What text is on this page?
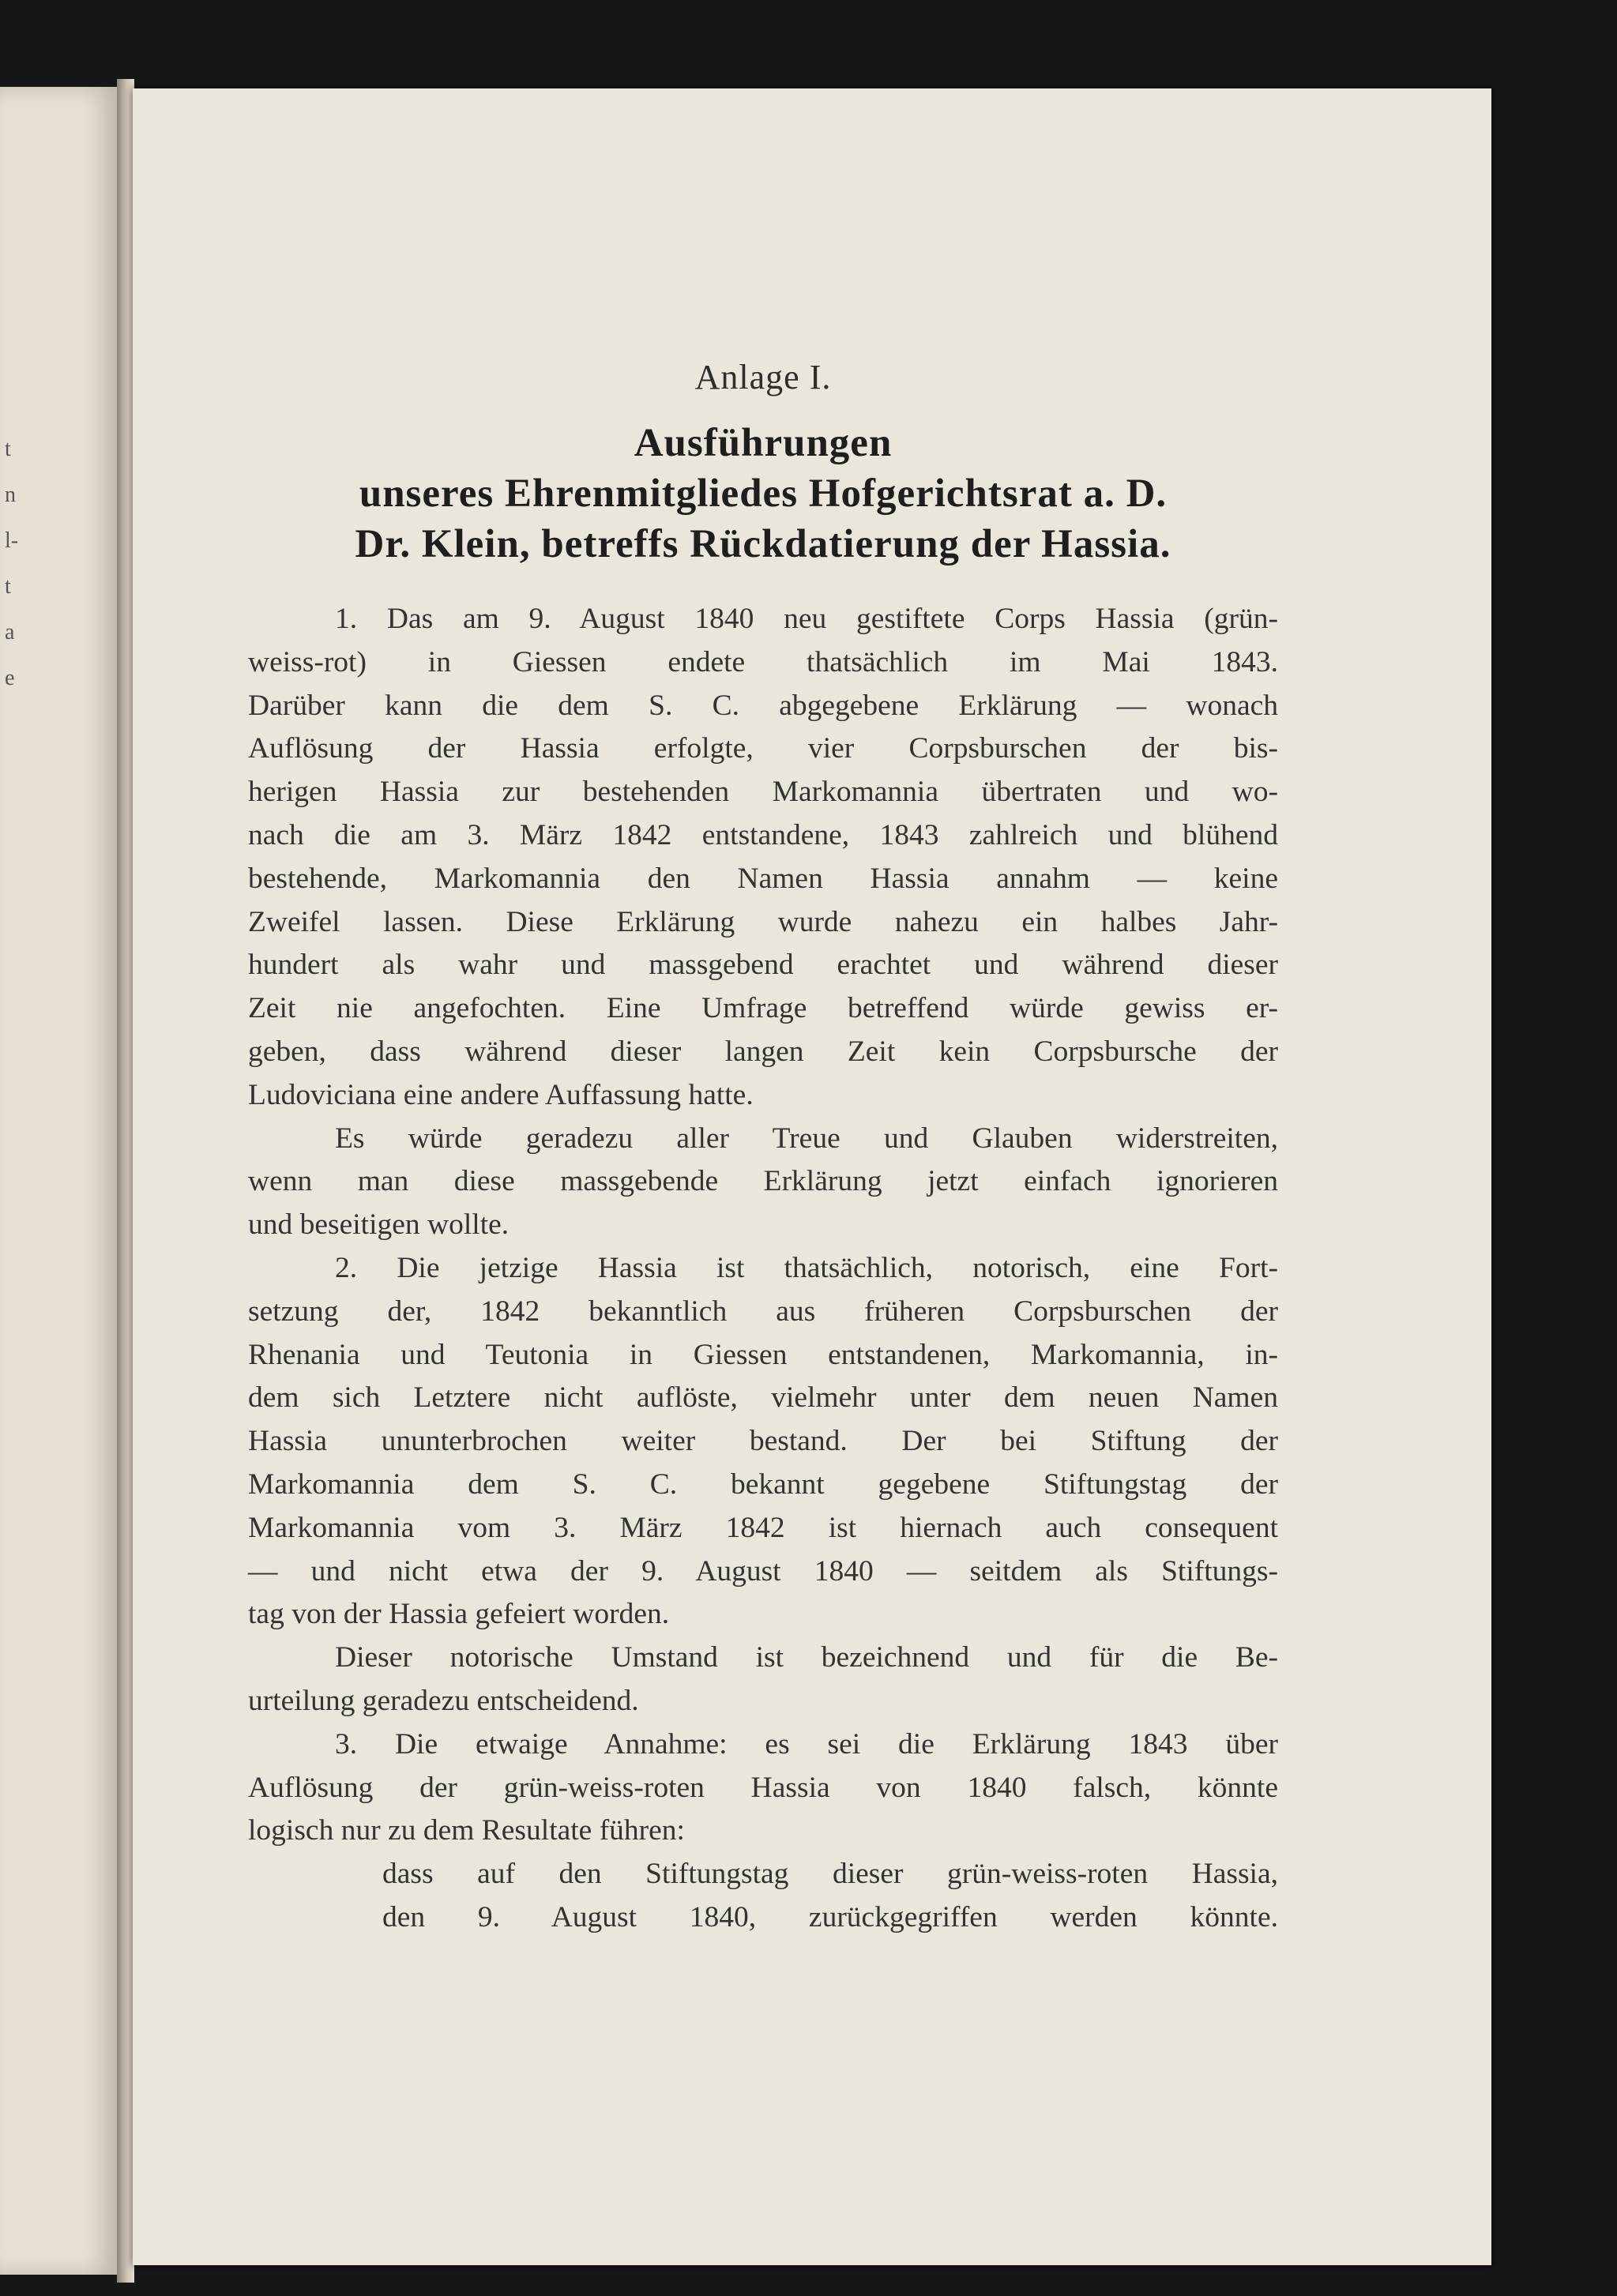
t
n
l-
t
a
e
Anlage I.
Ausführungen
unseres Ehrenmitgliedes Hofgerichtsrat a. D.
Dr. Klein, betreffs Rückdatierung der Hassia.
1. Das am 9. August 1840 neu gestiftete Corps Hassia (grün-
weiss-rot) in Giessen endete thatsächlich im Mai 1843.
Darüber kann die dem S. C. abgegebene Erklärung — wonach
Auflösung der Hassia erfolgte, vier Corpsburschen der bis-
herigen Hassia zur bestehenden Markomannia übertraten und wo-
nach die am 3. März 1842 entstandene, 1843 zahlreich und blühend
bestehende, Markomannia den Namen Hassia annahm — keine
Zweifel lassen. Diese Erklärung wurde nahezu ein halbes Jahr-
hundert als wahr und massgebend erachtet und während dieser
Zeit nie angefochten. Eine Umfrage betreffend würde gewiss er-
geben, dass während dieser langen Zeit kein Corpsbursche der
Ludoviciana eine andere Auffassung hatte.
Es würde geradezu aller Treue und Glauben widerstreiten,
wenn man diese massgebende Erklärung jetzt einfach ignorieren
und beseitigen wollte.
2. Die jetzige Hassia ist thatsächlich, notorisch, eine Fort-
setzung der, 1842 bekanntlich aus früheren Corpsburschen der
Rhenania und Teutonia in Giessen entstandenen, Markomannia, in-
dem sich Letztere nicht auflöste, vielmehr unter dem neuen Namen
Hassia ununterbrochen weiter bestand. Der bei Stiftung der
Markomannia dem S. C. bekannt gegebene Stiftungstag der
Markomannia vom 3. März 1842 ist hiernach auch consequent
— und nicht etwa der 9. August 1840 — seitdem als Stiftungs-
tag von der Hassia gefeiert worden.
Dieser notorische Umstand ist bezeichnend und für die Be-
urteilung geradezu entscheidend.
3. Die etwaige Annahme: es sei die Erklärung 1843 über
Auflösung der grün-weiss-roten Hassia von 1840 falsch, könnte
logisch nur zu dem Resultate führen:
dass auf den Stiftungstag dieser grün-weiss-roten Hassia,
den 9. August 1840, zurückgegriffen werden könnte.
